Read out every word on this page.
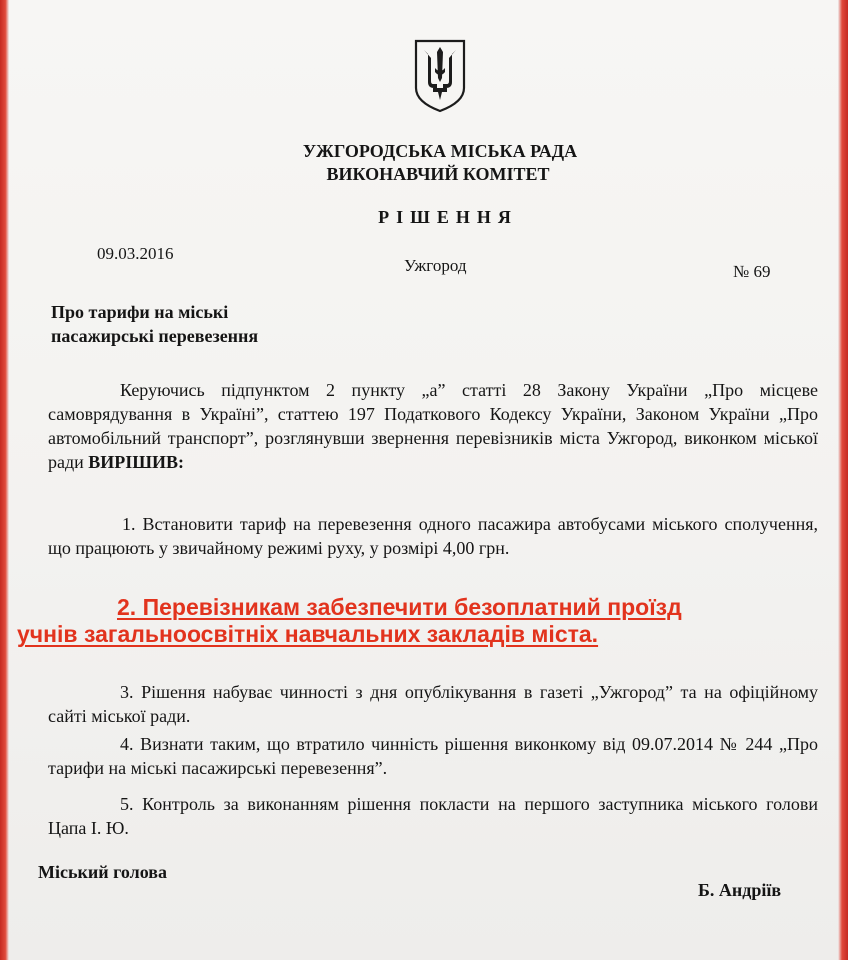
УЖГОРОДСЬКА МІСЬКА РАДА
ВИКОНАВЧИЙ КОМІТЕТ
РІШЕННЯ
09.03.2016
Ужгород	№ 69
Про тарифи на міські
пасажирські перевезення
Керуючись підпунктом 2 пункту „а” статті 28 Закону України „Про місцеве самоврядування в Україні”, статтею 197 Податкового Кодексу України, Законом України „Про автомобільний транспорт”, розглянувши звернення перевізників міста Ужгород, виконком міської ради ВИРІШИВ:
1. Встановити тариф на перевезення одного пасажира автобусами міського сполучення, що працюють у звичайному режимі руху, у розмірі 4,00 грн.
2. Перевізникам забезпечити безоплатний проїзд
учнів загальноосвітніх навчальних закладів міста.
3. Рішення набуває чинності з дня опублікування в газеті „Ужгород” та на офіційному сайті міської ради.
4. Визнати таким, що втратило чинність рішення виконкому від 09.07.2014 № 244 „Про тарифи на міські пасажирські перевезення”.
5. Контроль за виконанням рішення покласти на першого заступника міського голови Цапа І. Ю.
Міський голова
Б. Андріїв
